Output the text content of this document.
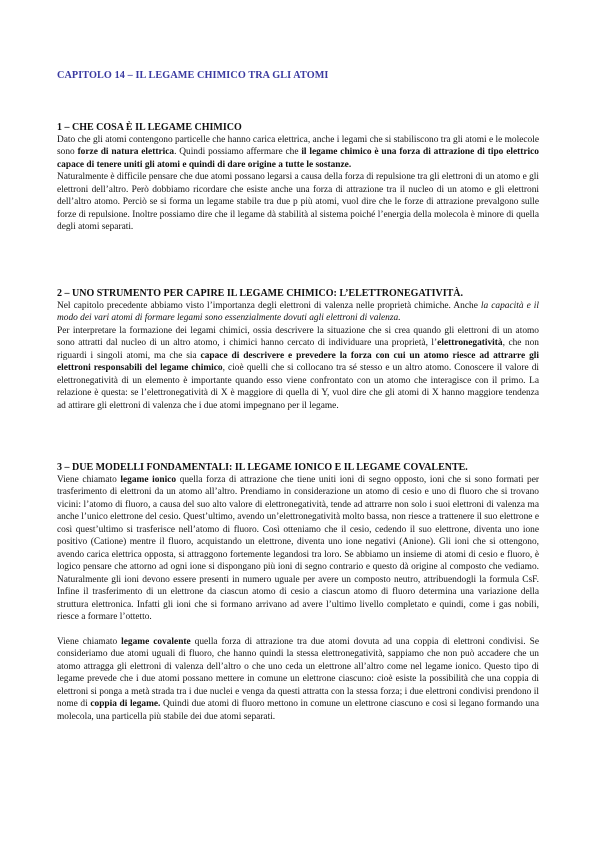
CAPITOLO 14 – IL LEGAME CHIMICO TRA GLI ATOMI

1 – CHE COSA È IL LEGAME CHIMICO

Dato che gli atomi contengono particelle che hanno carica elettrica, anche i legami che si stabiliscono tra gli atomi e le molecole sono forze di natura elettrica. Quindi possiamo affermare che il legame chimico è una forza di attrazione di tipo elettrico capace di tenere uniti gli atomi e quindi di dare origine a tutte le sostanze.

Naturalmente è difficile pensare che due atomi possano legarsi a causa della forza di repulsione tra gli elettroni di un atomo e gli elettroni dell’altro. Però dobbiamo ricordare che esiste anche una forza di attrazione tra il nucleo di un atomo e gli elettroni dell’altro atomo. Perciò se si forma un legame stabile tra due p più atomi, vuol dire che le forze di attrazione prevalgono sulle forze di repulsione. Inoltre possiamo dire che il legame dà stabilità al sistema poiché l’energia della molecola è minore di quella degli atomi separati.

2 – UNO STRUMENTO PER CAPIRE IL LEGAME CHIMICO: L’ELETTRONEGATIVITÀ.

Nel capitolo precedente abbiamo visto l’importanza degli elettroni di valenza nelle proprietà chimiche. Anche la capacità e il modo dei vari atomi di formare legami sono essenzialmente dovuti agli elettroni di valenza.

Per interpretare la formazione dei legami chimici, ossia descrivere la situazione che si crea quando gli elettroni di un atomo sono attratti dal nucleo di un altro atomo, i chimici hanno cercato di individuare una proprietà, l’elettronegatività, che non riguardi i singoli atomi, ma che sia capace di descrivere e prevedere la forza con cui un atomo riesce ad attrarre gli elettroni responsabili del legame chimico, cioè quelli che si collocano tra sé stesso e un altro atomo. Conoscere il valore di elettronegatività di un elemento è importante quando esso viene confrontato con un atomo che interagisce con il primo. La relazione è questa: se l’elettronegatività di X è maggiore di quella di Y, vuol dire che gli atomi di X hanno maggiore tendenza ad attirare gli elettroni di valenza che i due atomi impegnano per il legame.

3 – DUE MODELLI FONDAMENTALI: IL LEGAME IONICO E IL LEGAME COVALENTE.

Viene chiamato legame ionico quella forza di attrazione che tiene uniti ioni di segno opposto, ioni che si sono formati per trasferimento di elettroni da un atomo all’altro. Prendiamo in considerazione un atomo di cesio e uno di fluoro che si trovano vicini: l’atomo di fluoro, a causa del suo alto valore di elettronegatività, tende ad attrarre non solo i suoi elettroni di valenza ma anche l’unico elettrone del cesio. Quest’ultimo, avendo un’elettronegatività molto bassa, non riesce a trattenere il suo elettrone e così quest’ultimo si trasferisce nell’atomo di fluoro. Così otteniamo che il cesio, cedendo il suo elettrone, diventa uno ione positivo (Catione) mentre il fluoro, acquistando un elettrone, diventa uno ione negativi (Anione). Gli ioni che si ottengono, avendo carica elettrica opposta, si attraggono fortemente legandosi tra loro. Se abbiamo un insieme di atomi di cesio e fluoro, è logico pensare che attorno ad ogni ione si dispongano più ioni di segno contrario e questo dà origine al composto che vediamo. Naturalmente gli ioni devono essere presenti in numero uguale per avere un composto neutro, attribuendogli la formula CsF. Infine il trasferimento di un elettrone da ciascun atomo di cesio a ciascun atomo di fluoro determina una variazione della struttura elettronica. Infatti gli ioni che si formano arrivano ad avere l’ultimo livello completato e quindi, come i gas nobili, riesce a formare l’ottetto.

Viene chiamato legame covalente quella forza di attrazione tra due atomi dovuta ad una coppia di elettroni condivisi. Se consideriamo due atomi uguali di fluoro, che hanno quindi la stessa elettronegatività, sappiamo che non può accadere che un atomo attragga gli elettroni di valenza dell’altro o che uno ceda un elettrone all’altro come nel legame ionico. Questo tipo di legame prevede che i due atomi possano mettere in comune un elettrone ciascuno: cioè esiste la possibilità che una coppia di elettroni si ponga a metà strada tra i due nuclei e venga da questi attratta con la stessa forza; i due elettroni condivisi prendono il nome di coppia di legame. Quindi due atomi di fluoro mettono in comune un elettrone ciascuno e così si legano formando una molecola, una particella più stabile dei due atomi separati.
